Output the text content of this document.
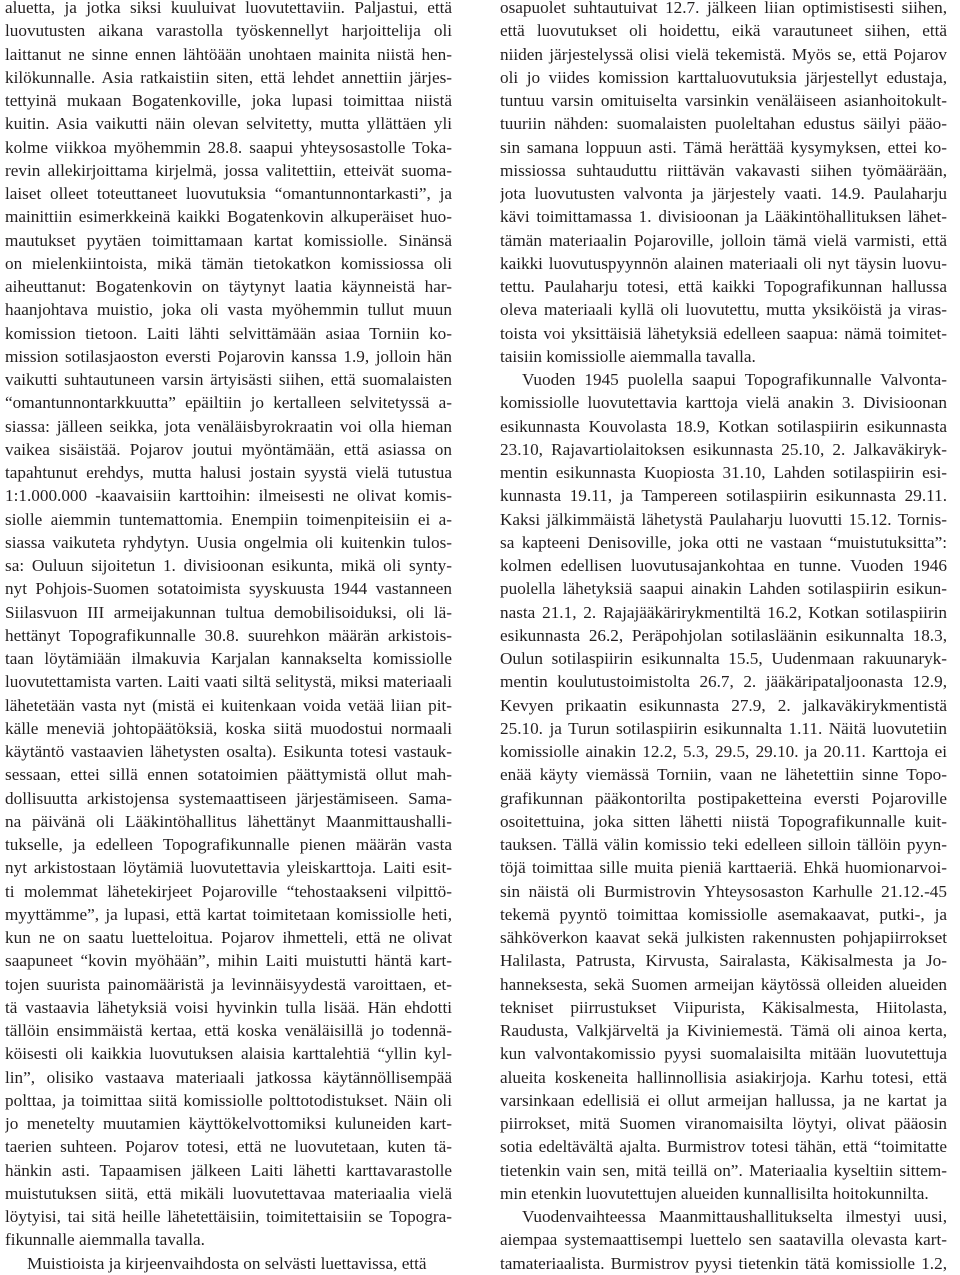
aluetta, ja jotka siksi kuuluivat luovutettaviin. Paljastui, että
luovutusten aikana varastolla työskennellyt harjoittelija oli
laittanut ne sinne ennen lähtöään unohtaen mainita niistä hen-
kilökunnalle. Asia ratkaistiin siten, että lehdet annettiin järjes-
tettyinä mukaan Bogatenkoville, joka lupasi toimittaa niistä
kuitin. Asia vaikutti näin olevan selvitetty, mutta yllättäen yli
kolme viikkoa myöhemmin 28.8. saapui yhteysosastolle Toka-
revin allekirjoittama kirjelmä, jossa valitettiin, etteivät suoma-
laiset olleet toteuttaneet luovutuksia “omantunnontarkasti”, ja
mainittiin esimerkkeinä kaikki Bogatenkovin alkuperäiset huo-
mautukset pyytäen toimittamaan kartat komissiolle. Sinänsä
on mielenkiintoista, mikä tämän tietokatkon komissiossa oli
aiheuttanut: Bogatenkovin on täytynyt laatia käynneistä har-
haanjohtava muistio, joka oli vasta myöhemmin tullut muun
komission tietoon. Laiti lähti selvittämään asiaa Torniin ko-
mission sotilasjaoston eversti Pojarovin kanssa 1.9, jolloin hän
vaikutti suhtautuneen varsin ärtyisästi siihen, että suomalaisten
“omantunnontarkkuutta” epäiltiin jo kertalleen selvitetyssä a-
siassa: jälleen seikka, jota venäläisbyrokraatin voi olla hieman
vaikea sisäistää. Pojarov joutui myöntämään, että asiassa on
tapahtunut erehdys, mutta halusi jostain syystä vielä tutustua
1:1.000.000 -kaavaisiin karttoihin: ilmeisesti ne olivat komis-
siolle aiemmin tuntemattomia. Enempiin toimenpiteisiin ei a-
siassa vaikuteta ryhdytyn. Uusia ongelmia oli kuitenkin tulos-
sa: Ouluun sijoitetun 1. divisioonan esikunta, mikä oli synty-
nyt Pohjois-Suomen sotatoimista syyskuusta 1944 vastanneen
Siilasvuon III armeijakunnan tultua demobilisoiduksi, oli lä-
hettänyt Topografikunnalle 30.8. suurehkon määrän arkistois-
taan löytämiään ilmakuvia Karjalan kannakselta komissiolle
luovutettamista varten. Laiti vaati siltä selitystä, miksi materiaali
lähetetään vasta nyt (mistä ei kuitenkaan voida vetää liian pit-
källe meneviä johtopäätöksiä, koska siitä muodostui normaali
käytäntö vastaavien lähetysten osalta). Esikunta totesi vastauk-
sessaan, ettei sillä ennen sotatoimien päättymistä ollut mah-
dollisuutta arkistojensa systemaattiseen järjestämiseen. Sama-
na päivänä oli Lääkintöhallitus lähettänyt Maanmittaushalli-
tukselle, ja edelleen Topografikunnalle pienen määrän vasta
nyt arkistostaan löytämiä luovutettavia yleiskarttoja. Laiti esit-
ti molemmat lähetekirjeet Pojaroville “tehostaakseni vilpittö-
myyttämme”, ja lupasi, että kartat toimitetaan komissiolle heti,
kun ne on saatu luetteloitua. Pojarov ihmetteli, että ne olivat
saapuneet “kovin myöhään”, mihin Laiti muistutti häntä kart-
tojen suurista painomääristä ja levinnäisyydestä varoittaen, et-
tä vastaavia lähetyksiä voisi hyvinkin tulla lisää. Hän ehdotti
tällöin ensimmäistä kertaa, että koska venäläisillä jo todennä-
köisesti oli kaikkia luovutuksen alaisia karttalehtiä “yllin kyl-
lin”, olisiko vastaava materiaali jatkossa käytännöllisempää
polttaa, ja toimittaa siitä komissiolle polttotodistukset. Näin oli
jo menetelty muutamien käyttökelvottomiksi kuluneiden kart-
taerien suhteen. Pojarov totesi, että ne luovutetaan, kuten tä-
hänkin asti. Tapaamisen jälkeen Laiti lähetti karttavarastolle
muistutuksen siitä, että mikäli luovutettavaa materiaalia vielä
löytyisi, tai sitä heille lähetettäisiin, toimitettaisiin se Topogra-
fikunnalle aiemmalla tavalla.
Muistioista ja kirjeenvaihdosta on selvästi luettavissa, että
osapuolet suhtautuivat 12.7. jälkeen liian optimistisesti siihen,
että luovutukset oli hoidettu, eikä varautuneet siihen, että
niiden järjestelyssä olisi vielä tekemistä. Myös se, että Pojarov
oli jo viides komission karttaluovutuksia järjestellyt edustaja,
tuntuu varsin omituiselta varsinkin venäläiseen asianhoitokult-
tuuriin nähden: suomalaisten puoleltahan edustus säilyi pääo-
sin samana loppuun asti. Tämä herättää kysymyksen, ettei ko-
missiossa suhtauduttu riittävän vakavasti siihen työmäärään,
jota luovutusten valvonta ja järjestely vaati. 14.9. Paulaharju
kävi toimittamassa 1. divisioonan ja Lääkintöhallituksen lähet-
tämän materiaalin Pojaroville, jolloin tämä vielä varmisti, että
kaikki luovutuspyynnön alainen materiaali oli nyt täysin luovu-
tettu. Paulaharju totesi, että kaikki Topografikunnan hallussa
oleva materiaali kyllä oli luovutettu, mutta yksiköistä ja viras-
toista voi yksittäisiä lähetyksiä edelleen saapua: nämä toimitet-
taisiin komissiolle aiemmalla tavalla.
Vuoden 1945 puolella saapui Topografikunnalle Valvonta-
komissiolle luovutettavia karttoja vielä anakin 3. Divisioonan
esikunnasta Kouvolasta 18.9, Kotkan sotilaspiirin esikunnasta
23.10, Rajavartiolaitoksen esikunnasta 25.10, 2. Jalkaväkiryk-
mentin esikunnasta Kuopiosta 31.10, Lahden sotilaspiirin esi-
kunnasta 19.11, ja Tampereen sotilaspiirin esikunnasta 29.11.
Kaksi jälkimmäistä lähetystä Paulaharju luovutti 15.12. Tornis-
sa kapteeni Denisoville, joka otti ne vastaan “muistutuksitta”:
kolmen edellisen luovutusajankohtaa en tunne. Vuoden 1946
puolella lähetyksiä saapui ainakin Lahden sotilaspiirin esikun-
nasta 21.1, 2. Rajajääkärirykmentiltä 16.2, Kotkan sotilaspiirin
esikunnasta 26.2, Peräpohjolan sotilasläänin esikunnalta 18.3,
Oulun sotilaspiirin esikunnalta 15.5, Uudenmaan rakuunaryk-
mentin koulutustoimistolta 26.7, 2. jääkäripataljoonasta 12.9,
Kevyen prikaatin esikunnasta 27.9, 2. jalkaväkirykmentistä
25.10. ja Turun sotilaspiirin esikunnalta 1.11. Näitä luovutetiin
komissiolle ainakin 12.2, 5.3, 29.5, 29.10. ja 20.11. Karttoja ei
enää käyty viemässä Torniin, vaan ne lähetettiin sinne Topo-
grafikunnan pääkontorilta postipaketteina eversti Pojaroville
osoitettuina, joka sitten lähetti niistä Topografikunnalle kuit-
tauksen. Tällä välin komissio teki edelleen silloin tällöin pyyn-
töjä toimittaa sille muita pieniä karttaeriä. Ehkä huomionarvoi-
sin näistä oli Burmistrovin Yhteysosaston Karhulle 21.12.-45
tekemä pyyntö toimittaa komissiolle asemakaavat, putki-, ja
sähköverkon kaavat sekä julkisten rakennusten pohjapiirrokset
Halilasta, Patrusta, Kirvusta, Sairalasta, Käkisalmesta ja Jo-
hanneksesta, sekä Suomen armeijan käytössä olleiden alueiden
tekniset piirrustukset Viipurista, Käkisalmesta, Hiitolasta,
Raudusta, Valkjärveltä ja Kiviniemestä. Tämä oli ainoa kerta,
kun valvontakomissio pyysi suomalaisilta mitään luovutettuja
alueita koskeneita hallinnollisia asiakirjoja. Karhu totesi, että
varsinkaan edellisiä ei ollut armeijan hallussa, ja ne kartat ja
piirrokset, mitä Suomen viranomaisilta löytyi, olivat pääosin
sotia edeltävältä ajalta. Burmistrov totesi tähän, että “toimitatte
tietenkin vain sen, mitä teillä on”. Materiaalia kyseltiin sittem-
min etenkin luovutettujen alueiden kunnallisilta hoitokunnilta.
Vuodenvaihteessa Maanmittaushallitukselta ilmestyi uusi,
aiempaa systemaattisempi luettelo sen saatavilla olevasta kart-
tamateriaalista. Burmistrov pyysi tietenkin tätä komissiolle 1.2,
